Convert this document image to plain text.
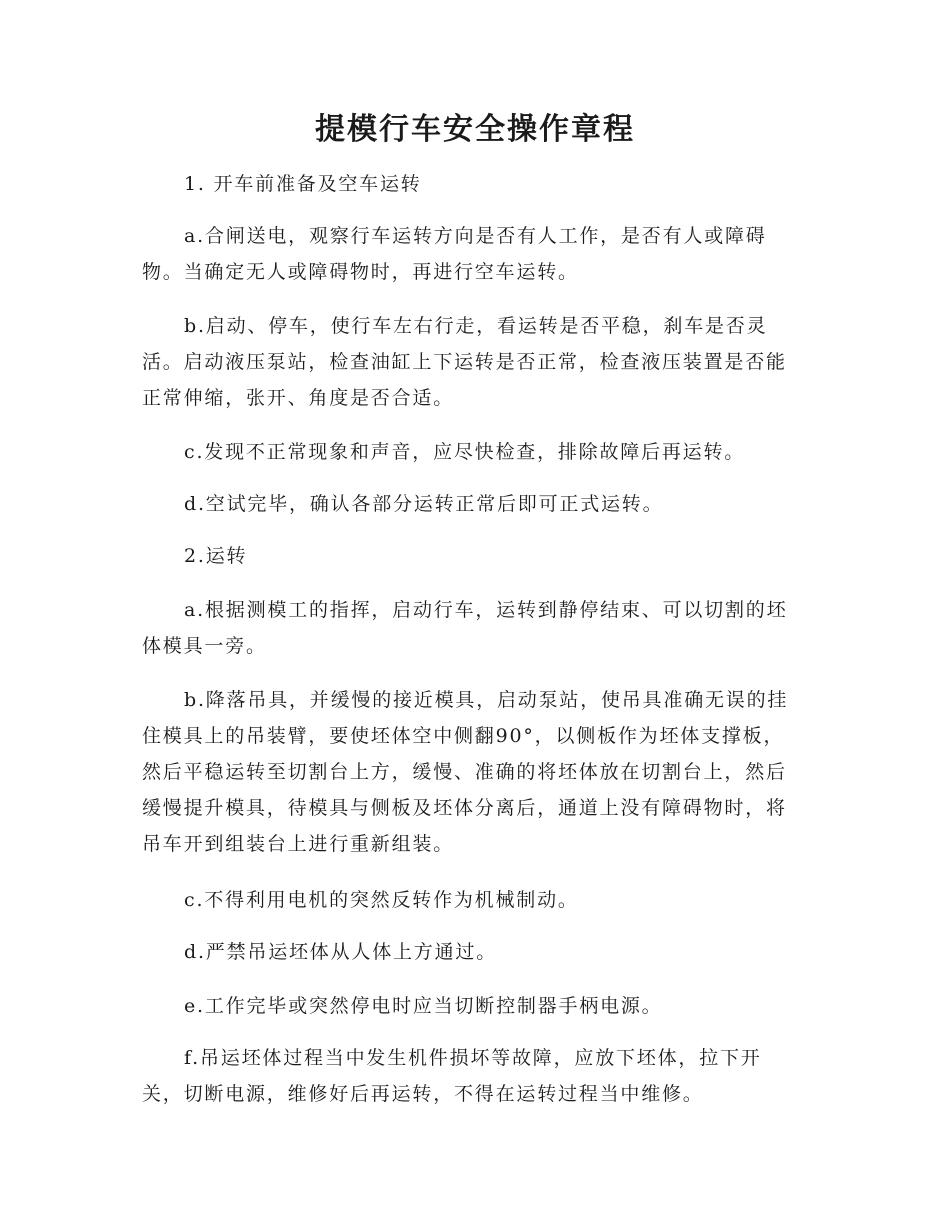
提模行车安全操作章程

1. 开车前准备及空车运转

a.合闸送电，观察行车运转方向是否有人工作，是否有人或障碍物。当确定无人或障碍物时，再进行空车运转。

b.启动、停车，使行车左右行走，看运转是否平稳，刹车是否灵活。启动液压泵站，检查油缸上下运转是否正常，检查液压装置是否能正常伸缩，张开、角度是否合适。

c.发现不正常现象和声音，应尽快检查，排除故障后再运转。

d.空试完毕，确认各部分运转正常后即可正式运转。

2.运转

a.根据测模工的指挥，启动行车，运转到静停结束、可以切割的坯体模具一旁。

b.降落吊具，并缓慢的接近模具，启动泵站，使吊具准确无误的挂住模具上的吊装臂，要使坯体空中侧翻90°，以侧板作为坯体支撑板，然后平稳运转至切割台上方，缓慢、准确的将坯体放在切割台上，然后缓慢提升模具，待模具与侧板及坯体分离后，通道上没有障碍物时，将吊车开到组装台上进行重新组装。

c.不得利用电机的突然反转作为机械制动。

d.严禁吊运坯体从人体上方通过。

e.工作完毕或突然停电时应当切断控制器手柄电源。

f.吊运坯体过程当中发生机件损坏等故障，应放下坯体，拉下开关，切断电源，维修好后再运转，不得在运转过程当中维修。
